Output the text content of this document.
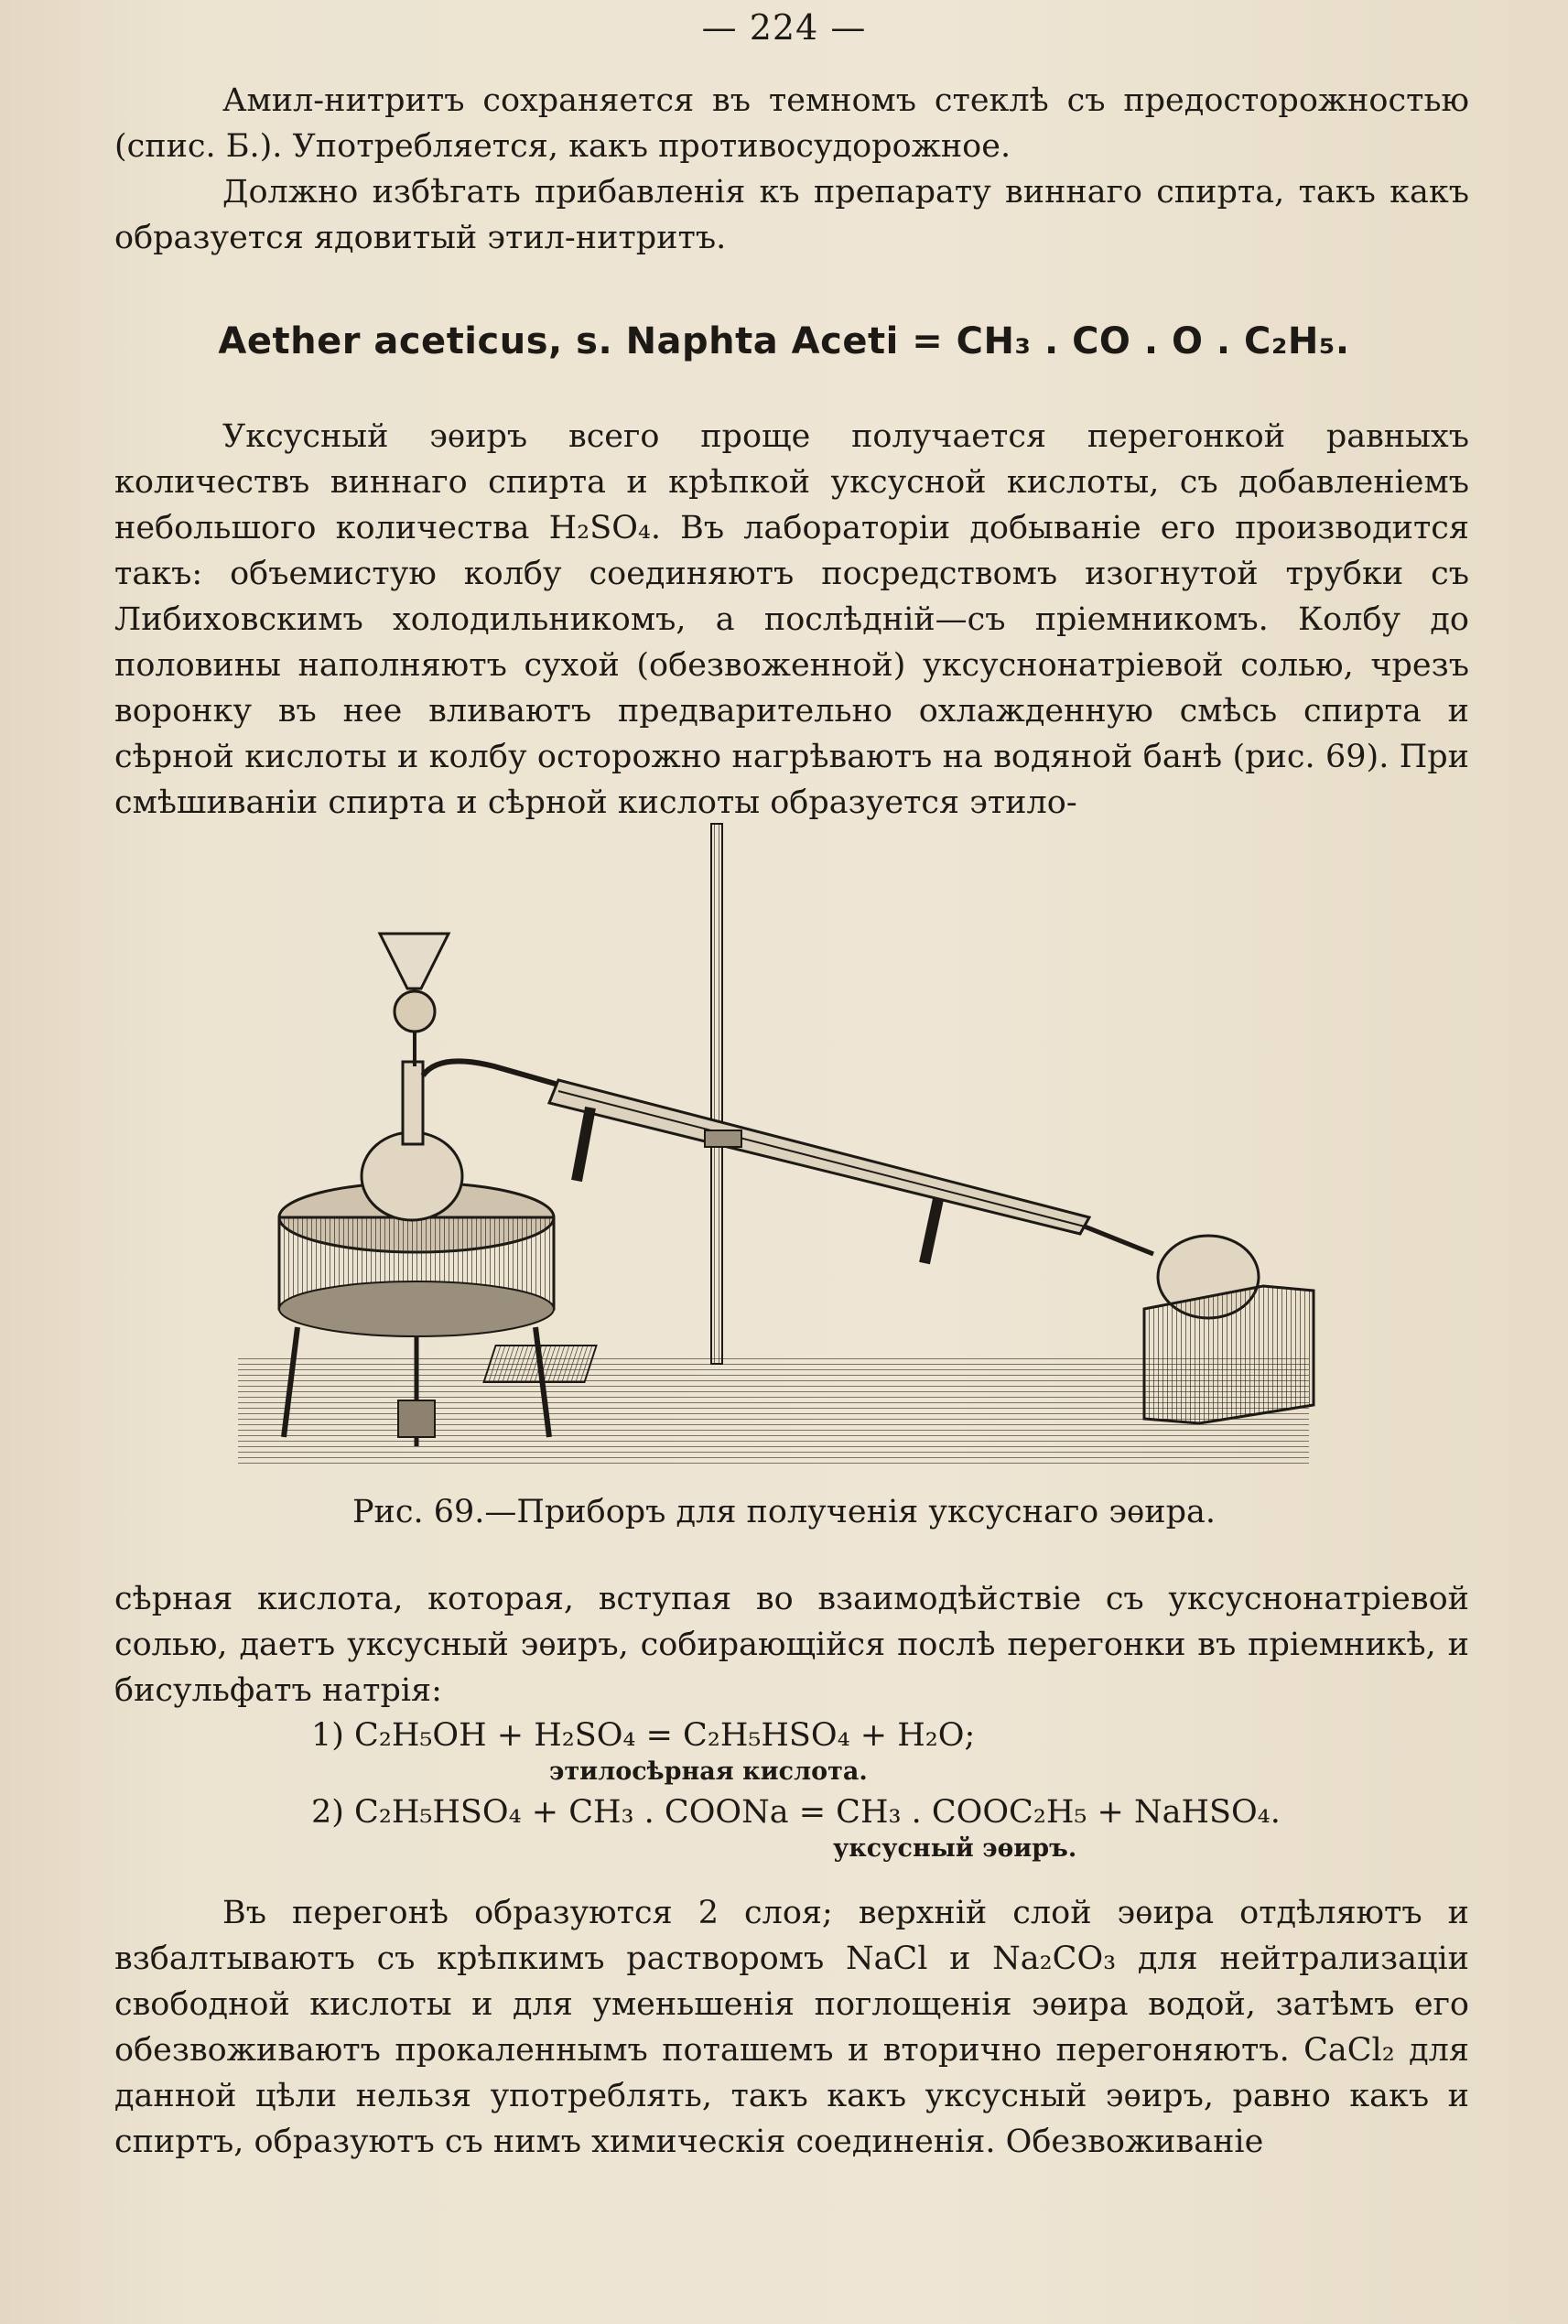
— 224 —

Амил-нитритъ сохраняется въ темномъ стеклѣ съ предосторожностью (спис. Б.). Употребляется, какъ противосудорожное.

Должно избѣгать прибавленія къ препарату виннаго спирта, такъ какъ образуется ядовитый этил-нитритъ.

Aether aceticus, s. Naphta Aceti = CH₃ . CO . O . C₂H₅.

Уксусный эѳиръ всего проще получается перегонкой равныхъ количествъ виннаго спирта и крѣпкой уксусной кислоты, съ добавленіемъ небольшого количества H₂SO₄. Въ лабораторіи добываніе его производится такъ: объемистую колбу соединяютъ посредствомъ изогнутой трубки съ Либиховскимъ холодильникомъ, а послѣдній—съ пріемникомъ. Колбу до половины наполняютъ сухой (обезвоженной) уксуснонатріевой солью, чрезъ воронку въ нее вливаютъ предварительно охлажденную смѣсь спирта и сѣрной кислоты и колбу осторожно нагрѣваютъ на водяной банѣ (рис. 69). При смѣшиваніи спирта и сѣрной кислоты образуется этило-

Рис. 69.—Приборъ для полученія уксуснаго эѳира.

сѣрная кислота, которая, вступая во взаимодѣйствіе съ уксуснонатріевой солью, даетъ уксусный эѳиръ, собирающійся послѣ перегонки въ пріемникѣ, и бисульфатъ натрія:

1) C₂H₅OH + H₂SO₄ = C₂H₅HSO₄ + H₂O;
этилосѣрная кислота.
2) C₂H₅HSO₄ + CH₃ . COONa = CH₃ . COOC₂H₅ + NaHSO₄.
уксусный эѳиръ.

Въ перегонѣ образуются 2 слоя; верхній слой эѳира отдѣляютъ и взбалтываютъ съ крѣпкимъ растворомъ NaCl и Na₂CO₃ для нейтрализаціи свободной кислоты и для уменьшенія поглощенія эѳира водой, затѣмъ его обезвоживаютъ прокаленнымъ поташемъ и вторично перегоняютъ. CaCl₂ для данной цѣли нельзя употреблять, такъ какъ уксусный эѳиръ, равно какъ и спиртъ, образуютъ съ нимъ химическія соединенія. Обезвоживаніе
